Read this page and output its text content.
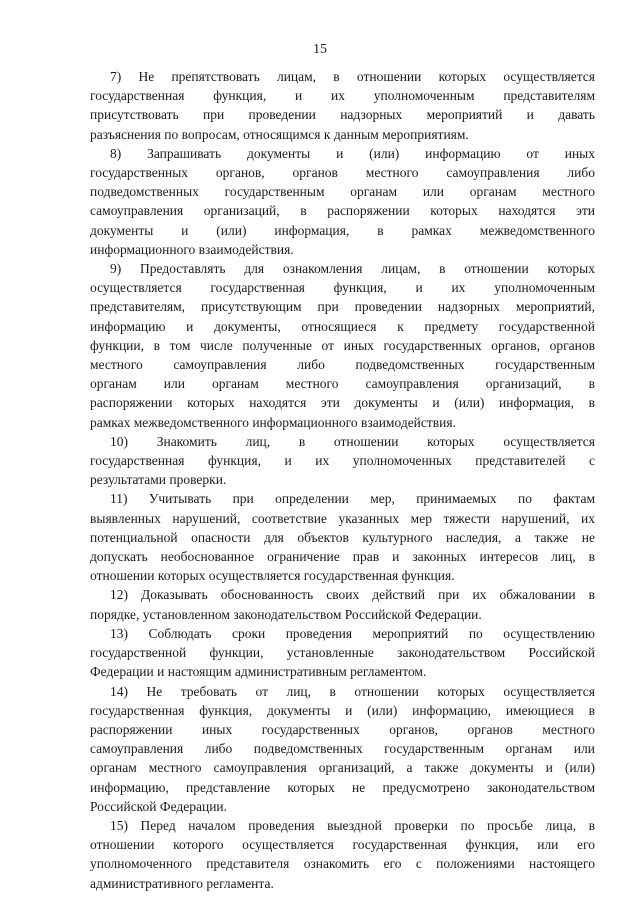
15
7) Не препятствовать лицам, в отношении которых осуществляется
государственная функция, и их уполномоченным представителям
присутствовать при проведении надзорных мероприятий и давать
разъяснения по вопросам, относящимся к данным мероприятиям.
8) Запрашивать документы и (или) информацию от иных
государственных органов, органов местного самоуправления либо
подведомственных государственным органам или органам местного
самоуправления организаций, в распоряжении которых находятся эти
документы и (или) информация, в рамках межведомственного
информационного взаимодействия.
9) Предоставлять для ознакомления лицам, в отношении которых
осуществляется государственная функция, и их уполномоченным
представителям, присутствующим при проведении надзорных мероприятий,
информацию и документы, относящиеся к предмету государственной
функции, в том числе полученные от иных государственных органов, органов
местного самоуправления либо подведомственных государственным
органам или органам местного самоуправления организаций, в
распоряжении которых находятся эти документы и (или) информация, в
рамках межведомственного информационного взаимодействия.
10) Знакомить лиц, в отношении которых осуществляется
государственная функция, и их уполномоченных представителей с
результатами проверки.
11) Учитывать при определении мер, принимаемых по фактам
выявленных нарушений, соответствие указанных мер тяжести нарушений, их
потенциальной опасности для объектов культурного наследия, а также не
допускать необоснованное ограничение прав и законных интересов лиц, в
отношении которых осуществляется государственная функция.
12) Доказывать обоснованность своих действий при их обжаловании в
порядке, установленном законодательством Российской Федерации.
13) Соблюдать сроки проведения мероприятий по осуществлению
государственной функции, установленные законодательством Российской
Федерации и настоящим административным регламентом.
14) Не требовать от лиц, в отношении которых осуществляется
государственная функция, документы и (или) информацию, имеющиеся в
распоряжении иных государственных органов, органов местного
самоуправления либо подведомственных государственным органам или
органам местного самоуправления организаций, а также документы и (или)
информацию, представление которых не предусмотрено законодательством
Российской Федерации.
15) Перед началом проведения выездной проверки по просьбе лица, в
отношении которого осуществляется государственная функция, или его
уполномоченного представителя ознакомить его с положениями настоящего
административного регламента.
